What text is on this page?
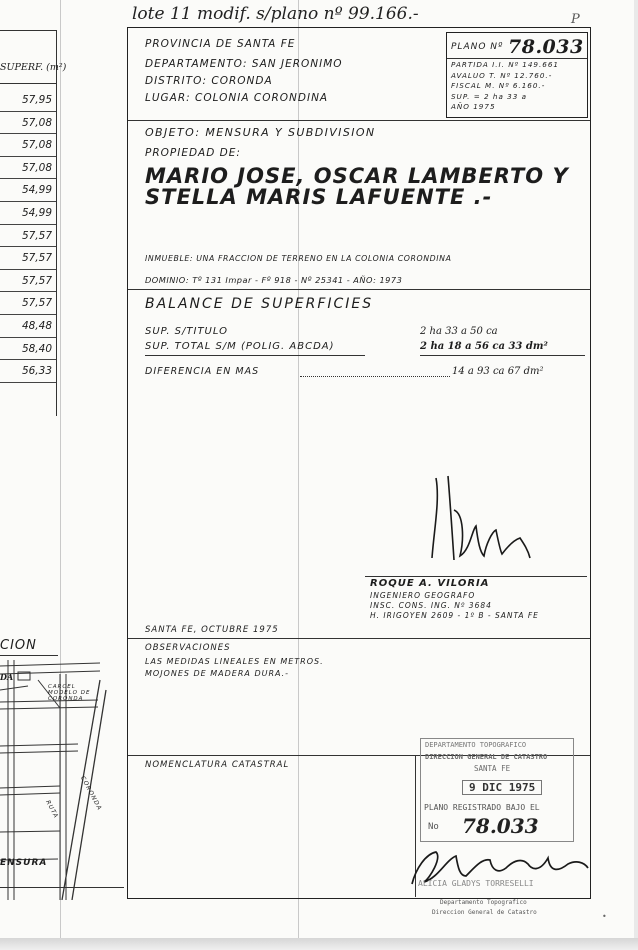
SUPERF. (m²)
57,95
57,08
57,08
57,08
54,99
54,99
57,57
57,57
57,57
57,57
48,48
58,40
56,33
CION
DA
CARCEL MODELO DE CORONDA
CORONDA
RUTA
ENSURA
lote 11 modif. s/plano nº 99.166.-	P
PROVINCIA DE SANTA FE
DEPARTAMENTO: SAN JERONIMO
DISTRITO: CORONDA
LUGAR: COLONIA CORONDINA
PLANO Nº 78.033
PARTIDA I.I. Nº 149.661
AVALUO T. Nº 12.760.-
FISCAL M. Nº 6.160.-
SUP. = 2 ha 33 a
AÑO 1975
OBJETO: MENSURA Y SUBDIVISION
PROPIEDAD DE:
MARIO JOSE, OSCAR LAMBERTO Y
STELLA MARIS LAFUENTE .-
INMUEBLE: UNA FRACCION DE TERRENO EN LA COLONIA CORONDINA
DOMINIO: Tº 131 Impar - Fº 918 - Nº 25341 - AÑO: 1973
BALANCE DE SUPERFICIES
SUP. S/TITULO	2 ha 33 a 50 ca
SUP. TOTAL S/M (POLIG. ABCDA)	2 ha 18 a 56 ca 33 dm²
DIFERENCIA EN MAS	14 a 93 ca 67 dm²
ROQUE A. VILORIA
INGENIERO GEOGRAFO
INSC. CONS. ING. Nº 3684
H. IRIGOYEN 2609 - 1º B - SANTA FE
SANTA FE, OCTUBRE 1975
OBSERVACIONES
LAS MEDIDAS LINEALES EN METROS.
MOJONES DE MADERA DURA.-
NOMENCLATURA CATASTRAL
DEPARTAMENTO TOPOGRAFICO
DIRECCION GENERAL DE CATASTRO
SANTA FE
9 DIC 1975
PLANO REGISTRADO BAJO EL
No 78.033
ALICIA GLADYS TORRESELLI
Departamento Topografico
Direccion General de Catastro	•
